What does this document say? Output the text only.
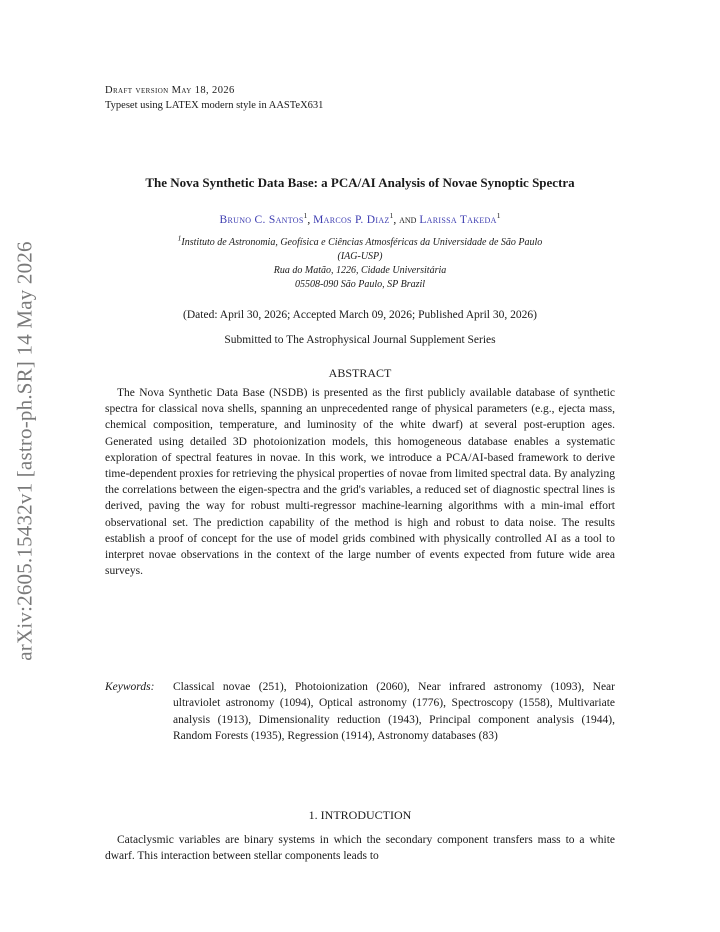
arXiv:2605.15432v1 [astro-ph.SR] 14 May 2026
Draft version May 18, 2026
Typeset using LATEX modern style in AASTeX631
The Nova Synthetic Data Base: a PCA/AI Analysis of Novae Synoptic Spectra
Bruno C. Santos$^1$, Marcos P. Diaz$^1$, and Larissa Takeda$^1$
$^1$Instituto de Astronomia, Geofísica e Ciências Atmosféricas da Universidade de São Paulo
(IAG-USP)
Rua do Matão, 1226, Cidade Universitária
05508-090 São Paulo, SP Brazil
(Dated: April 30, 2026; Accepted March 09, 2026; Published April 30, 2026)
Submitted to The Astrophysical Journal Supplement Series
ABSTRACT

The Nova Synthetic Data Base (NSDB) is presented as the first publicly available database of synthetic spectra for classical nova shells, spanning an unprecedented range of physical parameters (e.g., ejecta mass, chemical composition, temperature, and luminosity of the white dwarf) at several post-eruption ages. Generated using detailed 3D photoionization models, this homogeneous database enables a systematic exploration of spectral features in novae. In this work, we introduce a PCA/AI-based framework to derive time-dependent proxies for retrieving the physical properties of novae from limited spectral data. By analyzing the correlations between the eigen-spectra and the grid's variables, a reduced set of diagnostic spectral lines is derived, paving the way for robust multi-regressor machine-learning algorithms with a min-imal effort observational set. The prediction capability of the method is high and robust to data noise. The results establish a proof of concept for the use of model grids combined with physically controlled AI as a tool to interpret novae observations in the context of the large number of events expected from future wide area surveys.

Keywords: Classical novae (251), Photoionization (2060), Near infrared astronomy (1093), Near ultraviolet astronomy (1094), Optical astronomy (1776), Spectroscopy (1558), Multivariate analysis (1913), Dimensionality reduction (1943), Principal component analysis (1944), Random Forests (1935), Regression (1914), Astronomy databases (83)
1. INTRODUCTION

Cataclysmic variables are binary systems in which the secondary component transfers mass to a white dwarf. This interaction between stellar components leads to
